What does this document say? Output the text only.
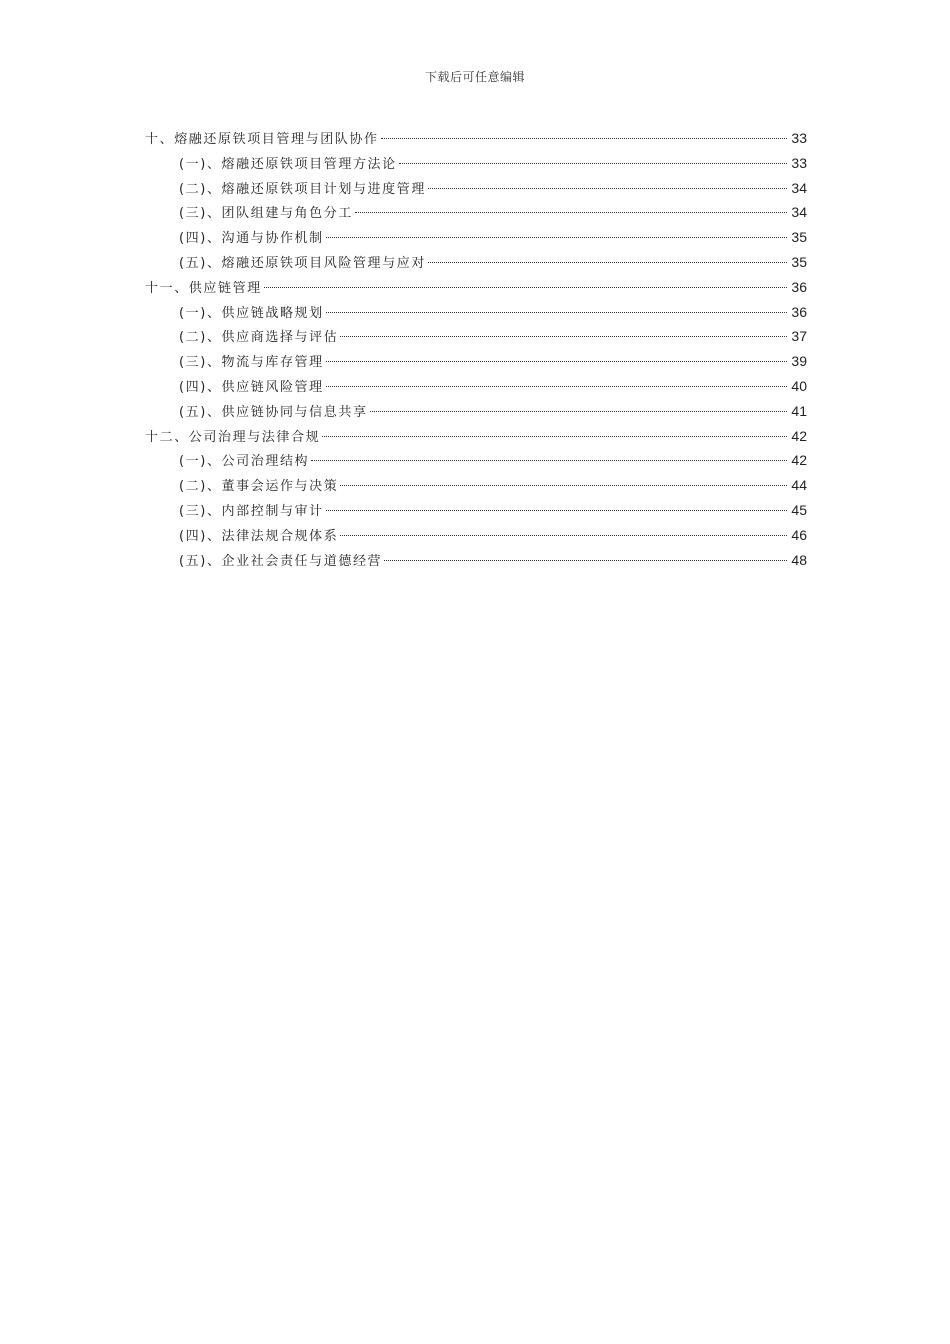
下载后可任意编辑
十、熔融还原铁项目管理与团队协作	33
(一)、熔融还原铁项目管理方法论	33
(二)、熔融还原铁项目计划与进度管理	34
(三)、团队组建与角色分工	34
(四)、沟通与协作机制	35
(五)、熔融还原铁项目风险管理与应对	35
十一、供应链管理	36
(一)、供应链战略规划	36
(二)、供应商选择与评估	37
(三)、物流与库存管理	39
(四)、供应链风险管理	40
(五)、供应链协同与信息共享	41
十二、公司治理与法律合规	42
(一)、公司治理结构	42
(二)、董事会运作与决策	44
(三)、内部控制与审计	45
(四)、法律法规合规体系	46
(五)、企业社会责任与道德经营	48
